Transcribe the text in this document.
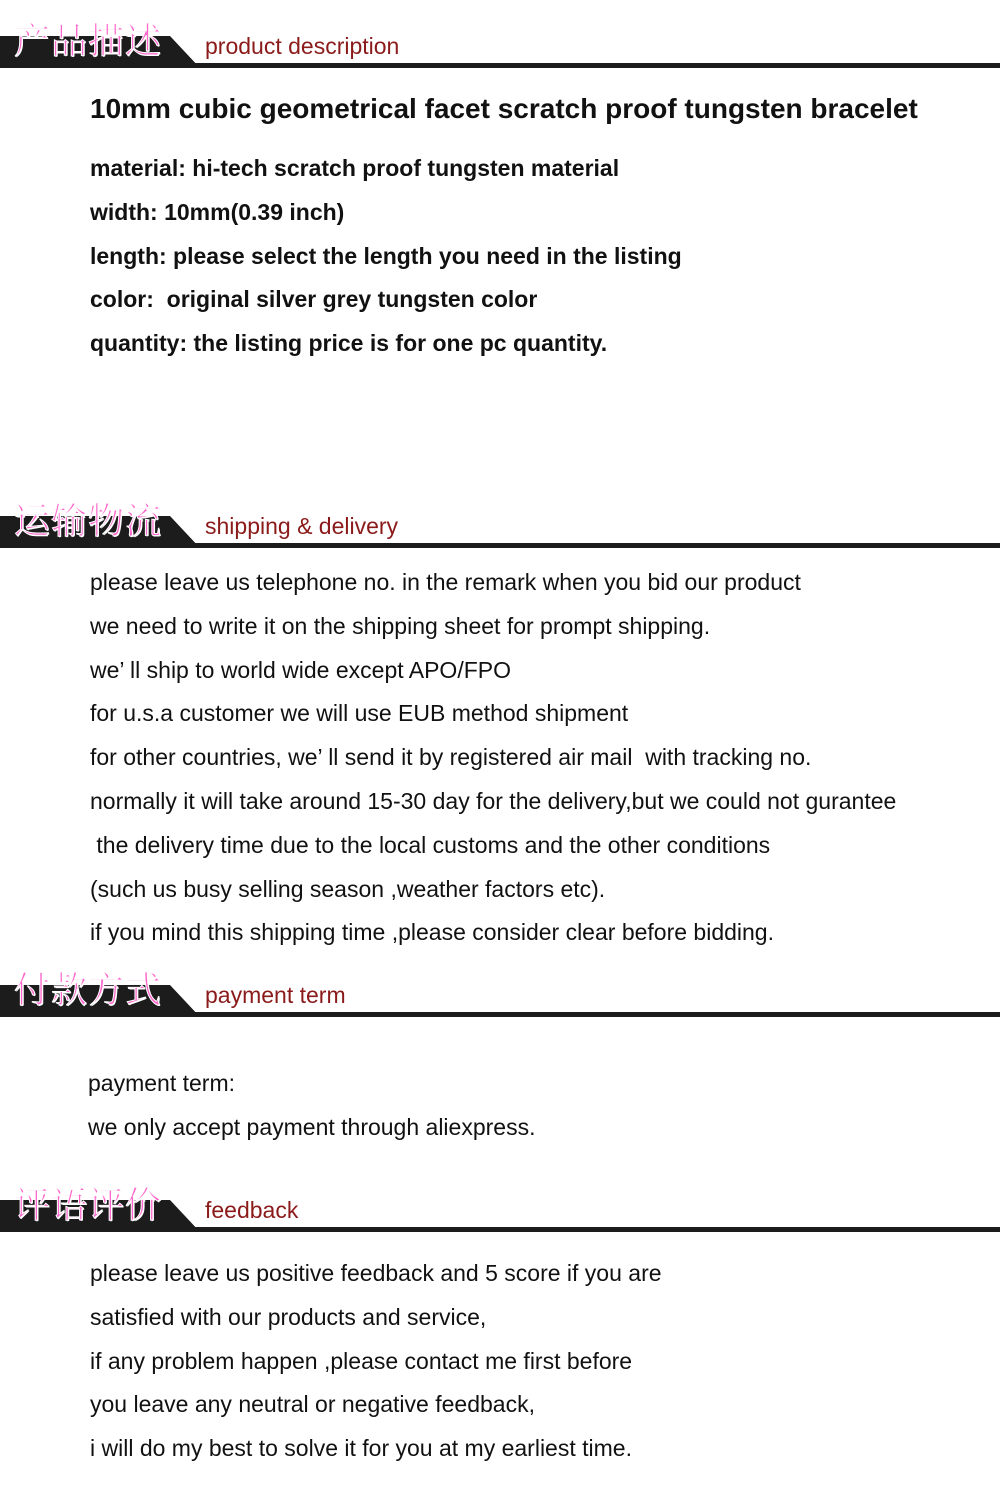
产品描述 product description
10mm cubic geometrical facet scratch proof tungsten bracelet
material: hi-tech scratch proof tungsten material
width: 10mm(0.39 inch)
length: please select the length you need in the listing
color:  original silver grey tungsten color
quantity: the listing price is for one pc quantity.
运输物流 shipping & delivery
please leave us telephone no. in the remark when you bid our product
we need to write it on the shipping sheet for prompt shipping.
we’ ll ship to world wide except APO/FPO
for u.s.a customer we will use EUB method shipment
for other countries, we’ ll send it by registered air mail  with tracking no.
normally it will take around 15-30 day for the delivery,but we could not gurantee
the delivery time due to the local customs and the other conditions
(such us busy selling season ,weather factors etc).
if you mind this shipping time ,please consider clear before bidding.
付款方式 payment term
payment term:
we only accept payment through aliexpress.
评语评价 feedback
please leave us positive feedback and 5 score if you are
satisfied with our products and service,
if any problem happen ,please contact me first before
you leave any neutral or negative feedback,
i will do my best to solve it for you at my earliest time.
